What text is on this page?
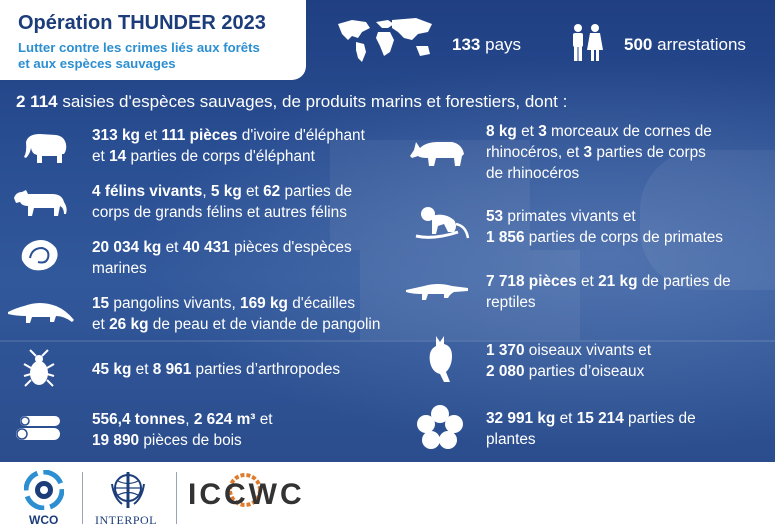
Opération THUNDER 2023
Lutter contre les crimes liés aux forêts
et aux espèces sauvages
133 pays	500 arrestations
2 114 saisies d'espèces sauvages, de produits marins et forestiers, dont :
313 kg et 111 pièces d'ivoire d'éléphant
et 14 parties de corps d'éléphant
4 félins vivants, 5 kg et 62 parties de
corps de grands félins et autres félins
20 034 kg et 40 431 pièces d'espèces
marines
15 pangolins vivants, 169 kg d'écailles
et 26 kg de peau et de viande de pangolin
45 kg et 8 961 parties d’arthropodes
556,4 tonnes, 2 624 m³ et
19 890 pièces de bois
8 kg et 3 morceaux de cornes de
rhinocéros, et 3 parties de corps
de rhinocéros
53 primates vivants et
1 856 parties de corps de primates
7 718 pièces et 21 kg de parties de
reptiles
1 370 oiseaux vivants et
2 080 parties d’oiseaux
32 991 kg et 15 214 parties de
plantes
WCO	INTERPOL
ICCWC
